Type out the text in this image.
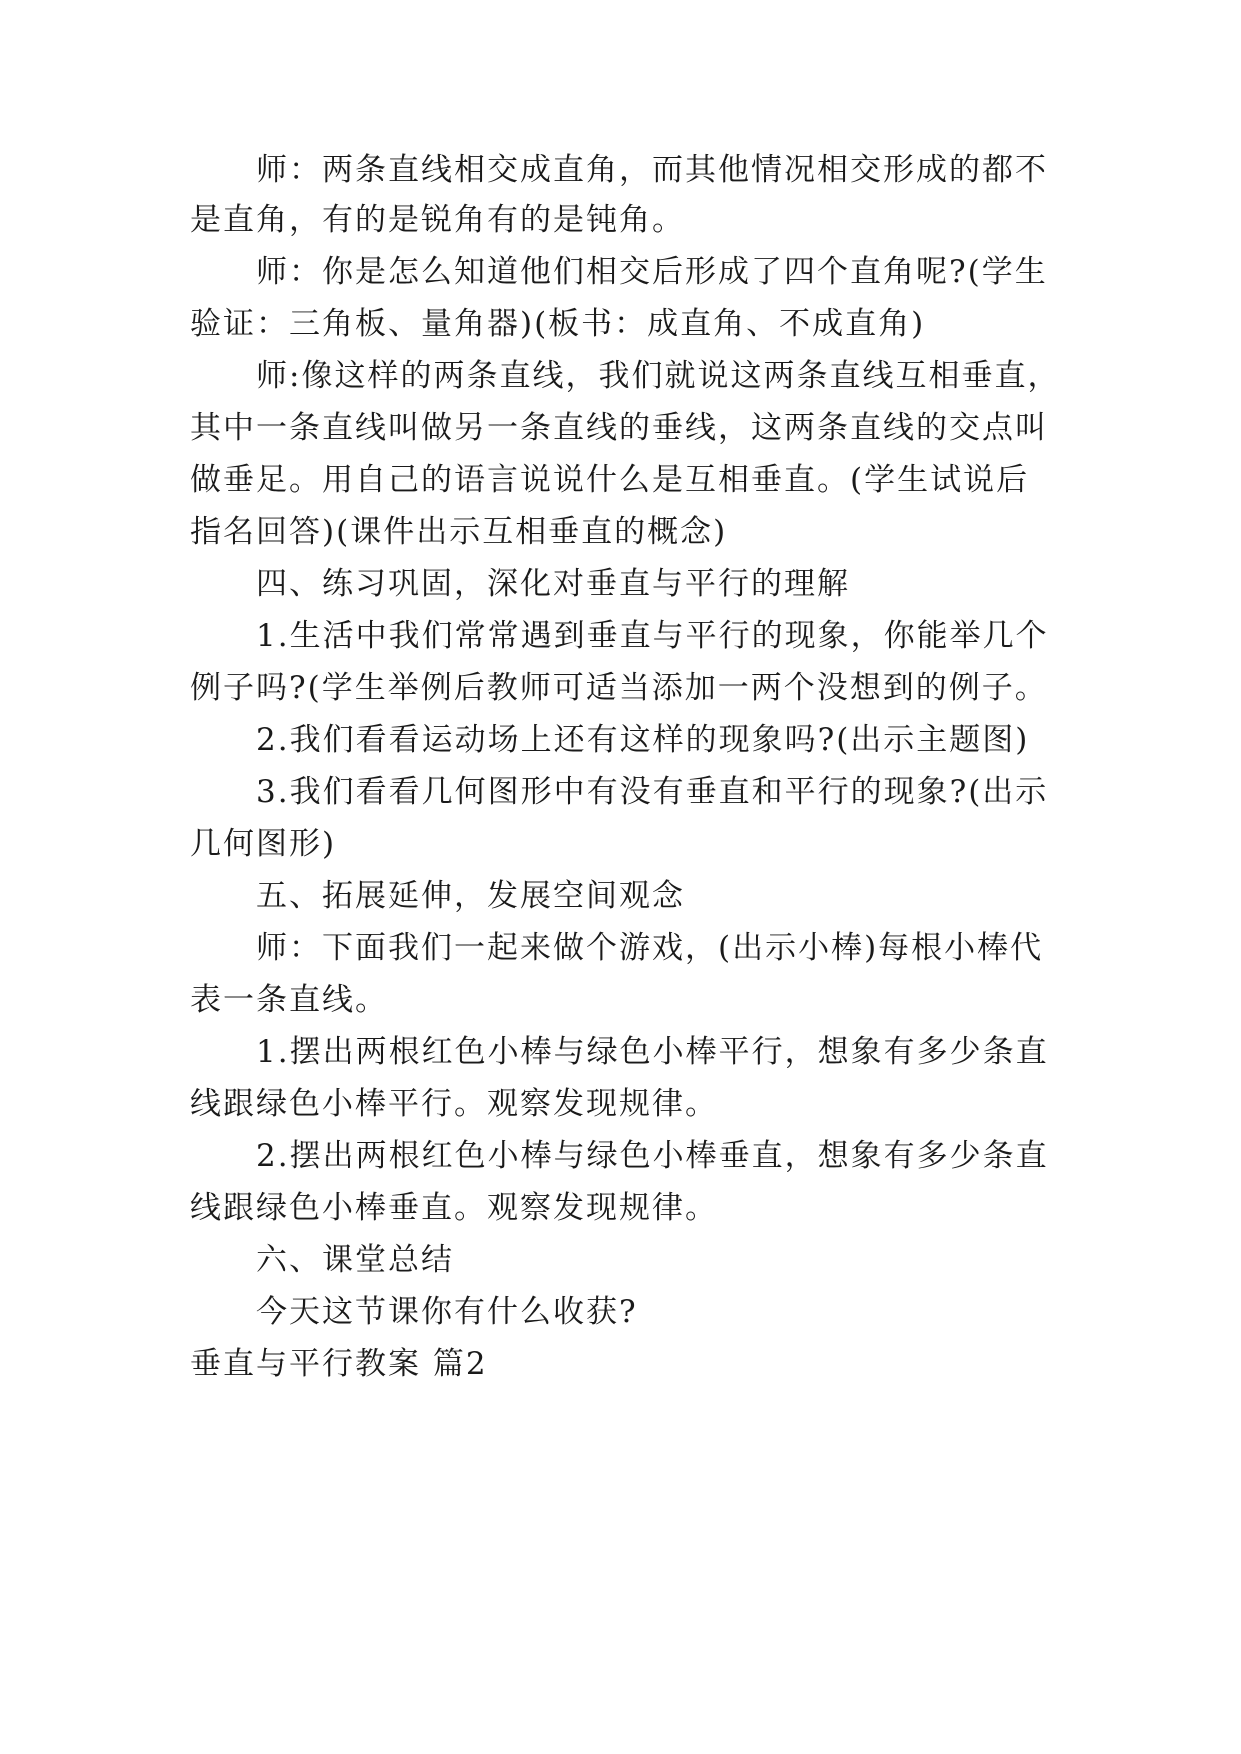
师：两条直线相交成直角，而其他情况相交形成的都不
是直角，有的是锐角有的是钝角。
师：你是怎么知道他们相交后形成了四个直角呢?(学生
验证：三角板、量角器)(板书：成直角、不成直角)
师:像这样的两条直线，我们就说这两条直线互相垂直，
其中一条直线叫做另一条直线的垂线，这两条直线的交点叫
做垂足。用自己的语言说说什么是互相垂直。(学生试说后
指名回答)(课件出示互相垂直的概念)
四、练习巩固，深化对垂直与平行的理解
1.生活中我们常常遇到垂直与平行的现象，你能举几个
例子吗?(学生举例后教师可适当添加一两个没想到的例子。
2.我们看看运动场上还有这样的现象吗?(出示主题图)
3.我们看看几何图形中有没有垂直和平行的现象?(出示
几何图形)
五、拓展延伸，发展空间观念
师：下面我们一起来做个游戏，(出示小棒)每根小棒代
表一条直线。
1.摆出两根红色小棒与绿色小棒平行，想象有多少条直
线跟绿色小棒平行。观察发现规律。
2.摆出两根红色小棒与绿色小棒垂直，想象有多少条直
线跟绿色小棒垂直。观察发现规律。
六、课堂总结
今天这节课你有什么收获?
垂直与平行教案 篇2
